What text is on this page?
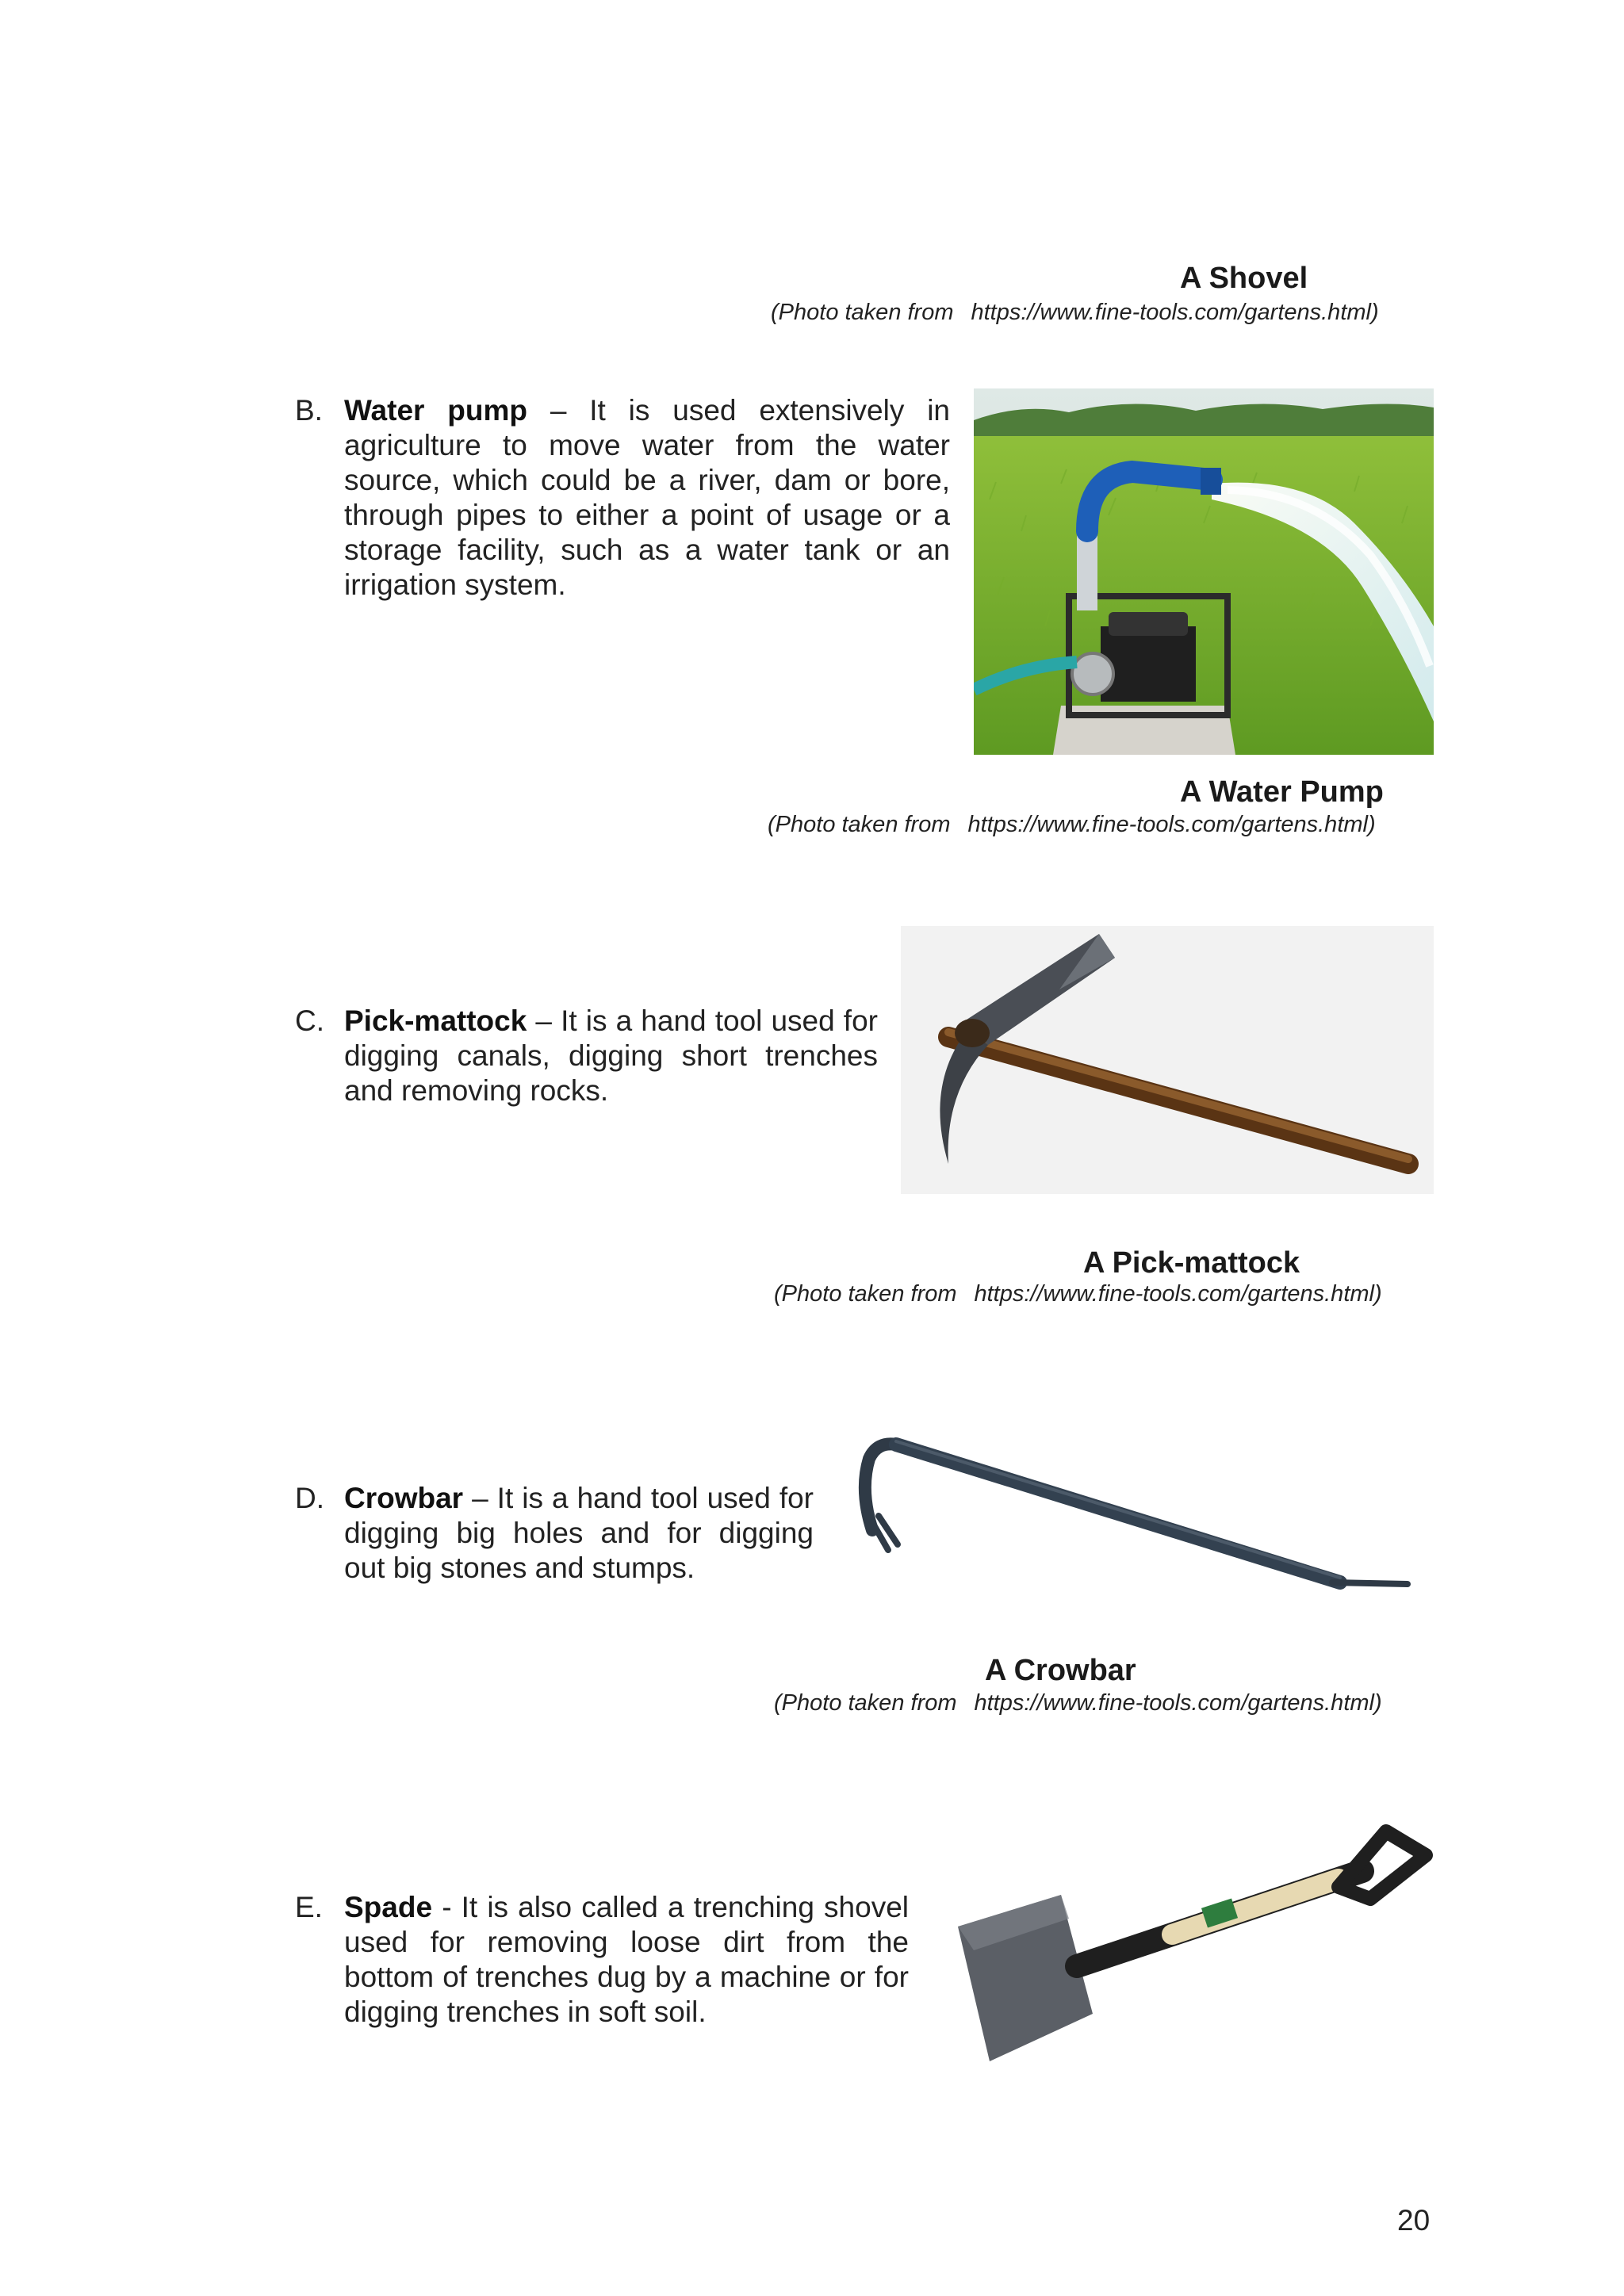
A Shovel
(Photo taken from https://www.fine-tools.com/gartens.html)
B. Water pump – It is used extensively in agriculture to move water from the water source, which could be a river, dam or bore, through pipes to either a point of usage or a storage facility, such as a water tank or an irrigation system.
A Water Pump
(Photo taken from https://www.fine-tools.com/gartens.html)
C. Pick-mattock – It is a hand tool used for digging canals, digging short trenches and removing rocks.
A Pick-mattock
(Photo taken from https://www.fine-tools.com/gartens.html)
D. Crowbar – It is a hand tool used for digging big holes and for digging out big stones and stumps.
A Crowbar
(Photo taken from https://www.fine-tools.com/gartens.html)
E. Spade - It is also called a trenching shovel used for removing loose dirt from the bottom of trenches dug by a machine or for digging trenches in soft soil.
20
